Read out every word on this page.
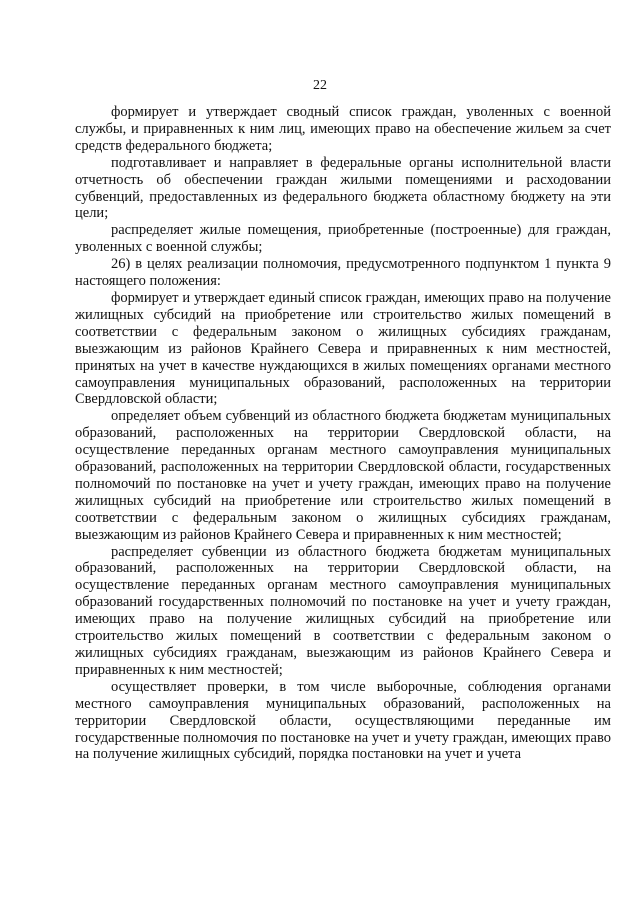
22

формирует и утверждает сводный список граждан, уволенных с военной службы, и приравненных к ним лиц, имеющих право на обеспечение жильем за счет средств федерального бюджета;

подготавливает и направляет в федеральные органы исполнительной власти отчетность об обеспечении граждан жилыми помещениями и расходовании субвенций, предоставленных из федерального бюджета областному бюджету на эти цели;

распределяет жилые помещения, приобретенные (построенные) для граждан, уволенных с военной службы;

26) в целях реализации полномочия, предусмотренного подпунктом 1 пункта 9 настоящего положения:

формирует и утверждает единый список граждан, имеющих право на получение жилищных субсидий на приобретение или строительство жилых помещений в соответствии с федеральным законом о жилищных субсидиях гражданам, выезжающим из районов Крайнего Севера и приравненных к ним местностей, принятых на учет в качестве нуждающихся в жилых помещениях органами местного самоуправления муниципальных образований, расположенных на территории Свердловской области;

определяет объем субвенций из областного бюджета бюджетам муниципальных образований, расположенных на территории Свердловской области, на осуществление переданных органам местного самоуправления муниципальных образований, расположенных на территории Свердловской области, государственных полномочий по постановке на учет и учету граждан, имеющих право на получение жилищных субсидий на приобретение или строительство жилых помещений в соответствии с федеральным законом о жилищных субсидиях гражданам, выезжающим из районов Крайнего Севера и приравненных к ним местностей;

распределяет субвенции из областного бюджета бюджетам муниципальных образований, расположенных на территории Свердловской области, на осуществление переданных органам местного самоуправления муниципальных образований государственных полномочий по постановке на учет и учету граждан, имеющих право на получение жилищных субсидий на приобретение или строительство жилых помещений в соответствии с федеральным законом о жилищных субсидиях гражданам, выезжающим из районов Крайнего Севера и приравненных к ним местностей;

осуществляет проверки, в том числе выборочные, соблюдения органами местного самоуправления муниципальных образований, расположенных на территории Свердловской области, осуществляющими переданные им государственные полномочия по постановке на учет и учету граждан, имеющих право на получение жилищных субсидий, порядка постановки на учет и учета
